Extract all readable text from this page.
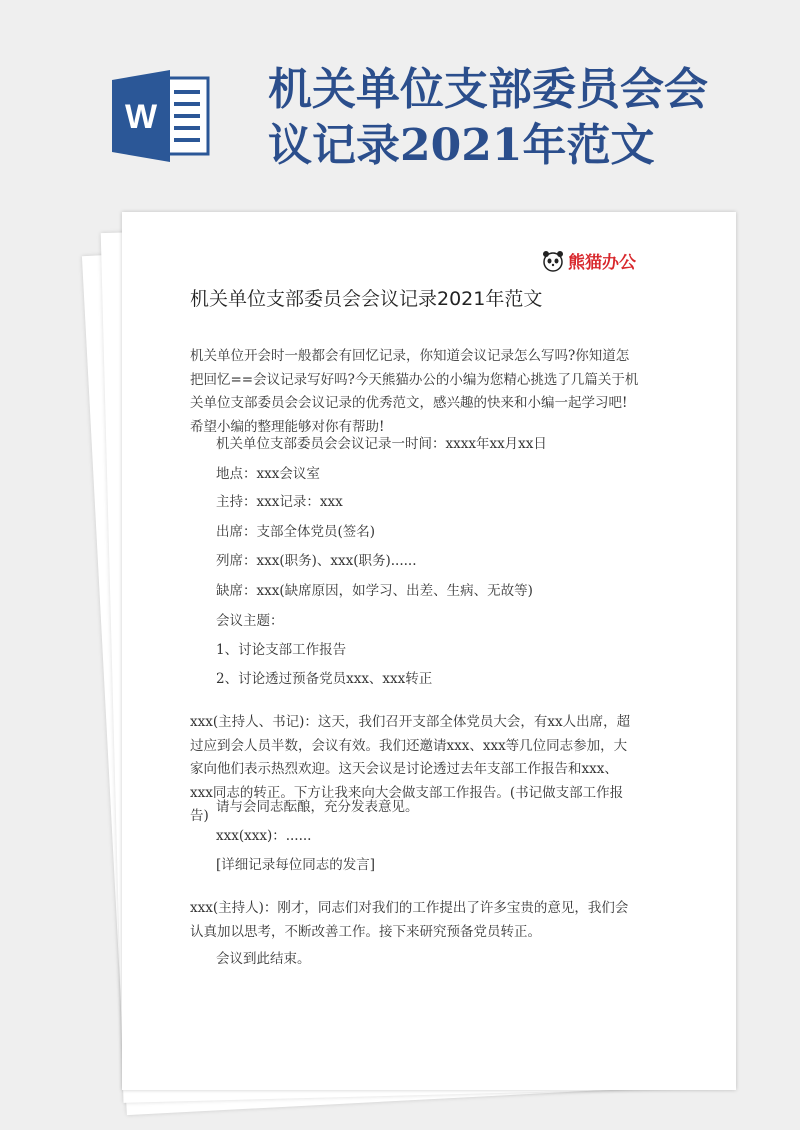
W
机关单位支部委员会会议记录2021年范文
熊猫办公
机关单位支部委员会会议记录2021年范文
机关单位开会时一般都会有回忆记录，你知道会议记录怎么写吗?你知道怎把回忆==会议记录写好吗?今天熊猫办公的小编为您精心挑选了几篇关于机关单位支部委员会会议记录的优秀范文，感兴趣的快来和小编一起学习吧!希望小编的整理能够对你有帮助!
机关单位支部委员会会议记录一时间：xxxx年xx月xx日
地点：xxx会议室
主持：xxx记录：xxx
出席：支部全体党员(签名)
列席：xxx(职务)、xxx(职务)......
缺席：xxx(缺席原因，如学习、出差、生病、无故等)
会议主题：
1、讨论支部工作报告
2、讨论透过预备党员xxx、xxx转正
xxx(主持人、书记)：这天，我们召开支部全体党员大会，有xx人出席，超过应到会人员半数，会议有效。我们还邀请xxx、xxx等几位同志参加，大家向他们表示热烈欢迎。这天会议是讨论透过去年支部工作报告和xxx、xxx同志的转正。下方让我来向大会做支部工作报告。(书记做支部工作报告)
请与会同志酝酿，充分发表意见。
xxx(xxx)：......
[详细记录每位同志的发言]
xxx(主持人)：刚才，同志们对我们的工作提出了许多宝贵的意见，我们会认真加以思考，不断改善工作。接下来研究预备党员转正。
会议到此结束。
